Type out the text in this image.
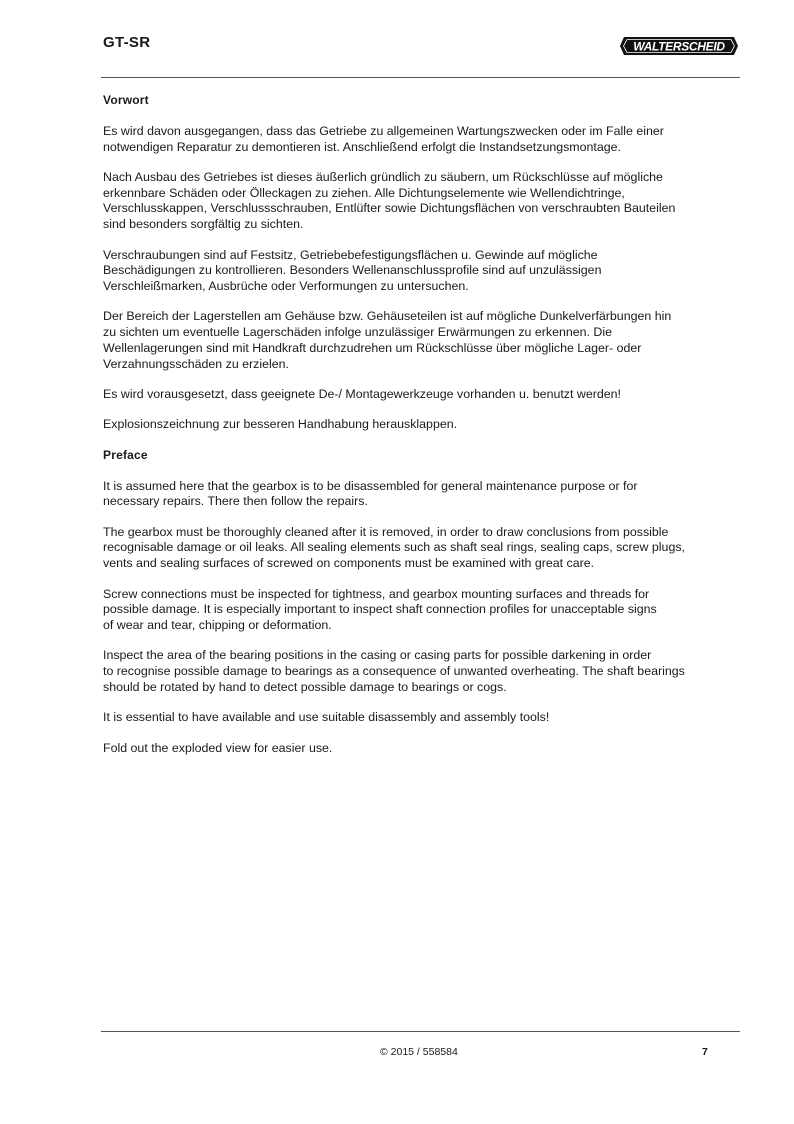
GT-SR	WALTERSCHEID
Vorwort
Es wird davon ausgegangen, dass das Getriebe zu allgemeinen Wartungszwecken oder im Falle einer
notwendigen Reparatur zu demontieren ist. Anschließend erfolgt die Instandsetzungsmontage.
Nach Ausbau des Getriebes ist dieses äußerlich gründlich zu säubern, um Rückschlüsse auf mögliche
erkennbare Schäden oder Ölleckagen zu ziehen. Alle Dichtungselemente wie Wellendichtringe,
Verschlusskappen, Verschlussschrauben, Entlüfter sowie Dichtungsflächen von verschraubten Bauteilen
sind besonders sorgfältig zu sichten.
Verschraubungen sind auf Festsitz, Getriebebefestigungsflächen u. Gewinde auf mögliche
Beschädigungen zu kontrollieren. Besonders Wellenanschlussprofile sind auf unzulässigen
Verschleißmarken, Ausbrüche oder Verformungen zu untersuchen.
Der Bereich der Lagerstellen am Gehäuse bzw. Gehäuseteilen ist auf mögliche Dunkelverfärbungen hin
zu sichten um eventuelle Lagerschäden infolge unzulässiger Erwärmungen zu erkennen. Die
Wellenlagerungen sind mit Handkraft durchzudrehen um Rückschlüsse über mögliche Lager- oder
Verzahnungsschäden zu erzielen.
Es wird vorausgesetzt, dass geeignete De-/ Montagewerkzeuge vorhanden u. benutzt werden!
Explosionszeichnung zur besseren Handhabung herausklappen.
Preface
It is assumed here that the gearbox is to be disassembled for general maintenance purpose or for
necessary repairs. There then follow the repairs.
The gearbox must be thoroughly cleaned after it is removed, in order to draw conclusions from possible
recognisable damage or oil leaks. All sealing elements such as shaft seal rings, sealing caps, screw plugs,
vents and sealing surfaces of screwed on components must be examined with great care.
Screw connections must be inspected for tightness, and gearbox mounting surfaces and threads for
possible damage. It is especially important to inspect shaft connection profiles for unacceptable signs
of wear and tear, chipping or deformation.
Inspect the area of the bearing positions in the casing or casing parts for possible darkening in order
to recognise possible damage to bearings as a consequence of unwanted overheating. The shaft bearings
should be rotated by hand to detect possible damage to bearings or cogs.
It is essential to have available and use suitable disassembly and assembly tools!
Fold out the exploded view for easier use.
© 2015 / 558584	7
